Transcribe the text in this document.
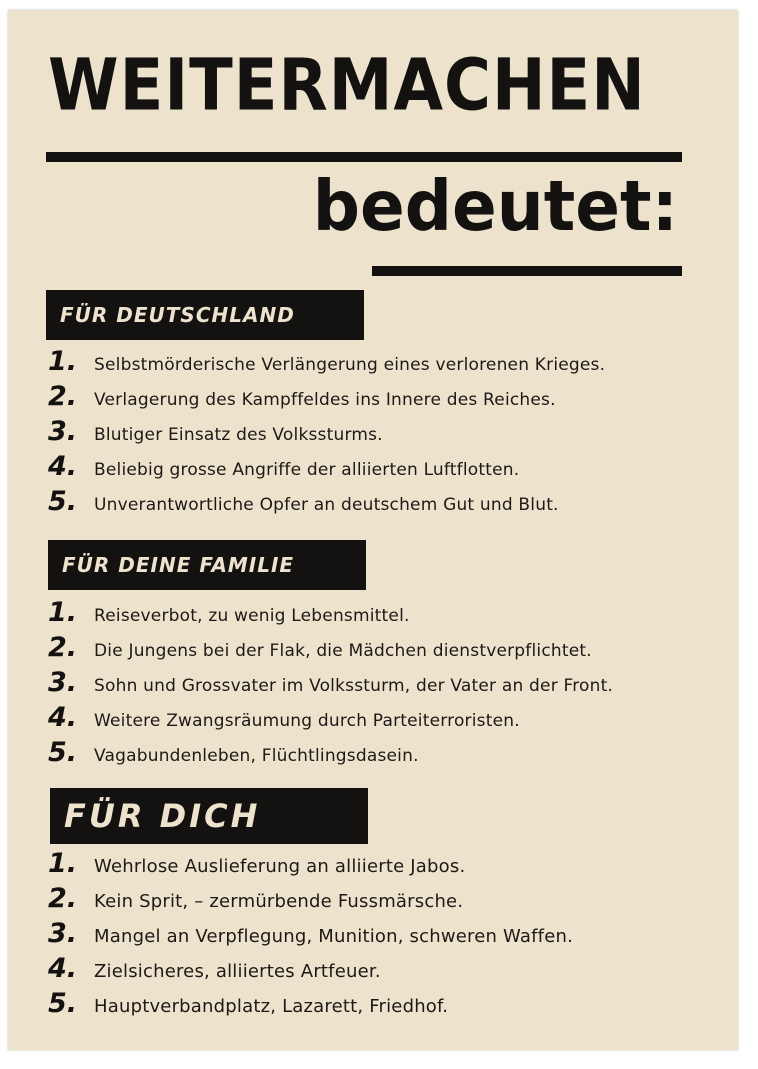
WEITERMACHEN
bedeutet:
FÜR DEUTSCHLAND
1. Selbstmörderische Verlängerung eines verlorenen Krieges.
2. Verlagerung des Kampffeldes ins Innere des Reiches.
3. Blutiger Einsatz des Volkssturms.
4. Beliebig grosse Angriffe der alliierten Luftflotten.
5. Unverantwortliche Opfer an deutschem Gut und Blut.
FÜR DEINE FAMILIE
1. Reiseverbot, zu wenig Lebensmittel.
2. Die Jungens bei der Flak, die Mädchen dienstverpflichtet.
3. Sohn und Grossvater im Volkssturm, der Vater an der Front.
4. Weitere Zwangsräumung durch Parteiterroristen.
5. Vagabundenleben, Flüchtlingsdasein.
FÜR DICH
1. Wehrlose Auslieferung an alliierte Jabos.
2. Kein Sprit, – zermürbende Fussmärsche.
3. Mangel an Verpflegung, Munition, schweren Waffen.
4. Zielsicheres, alliiertes Artfeuer.
5. Hauptverbandplatz, Lazarett, Friedhof.
